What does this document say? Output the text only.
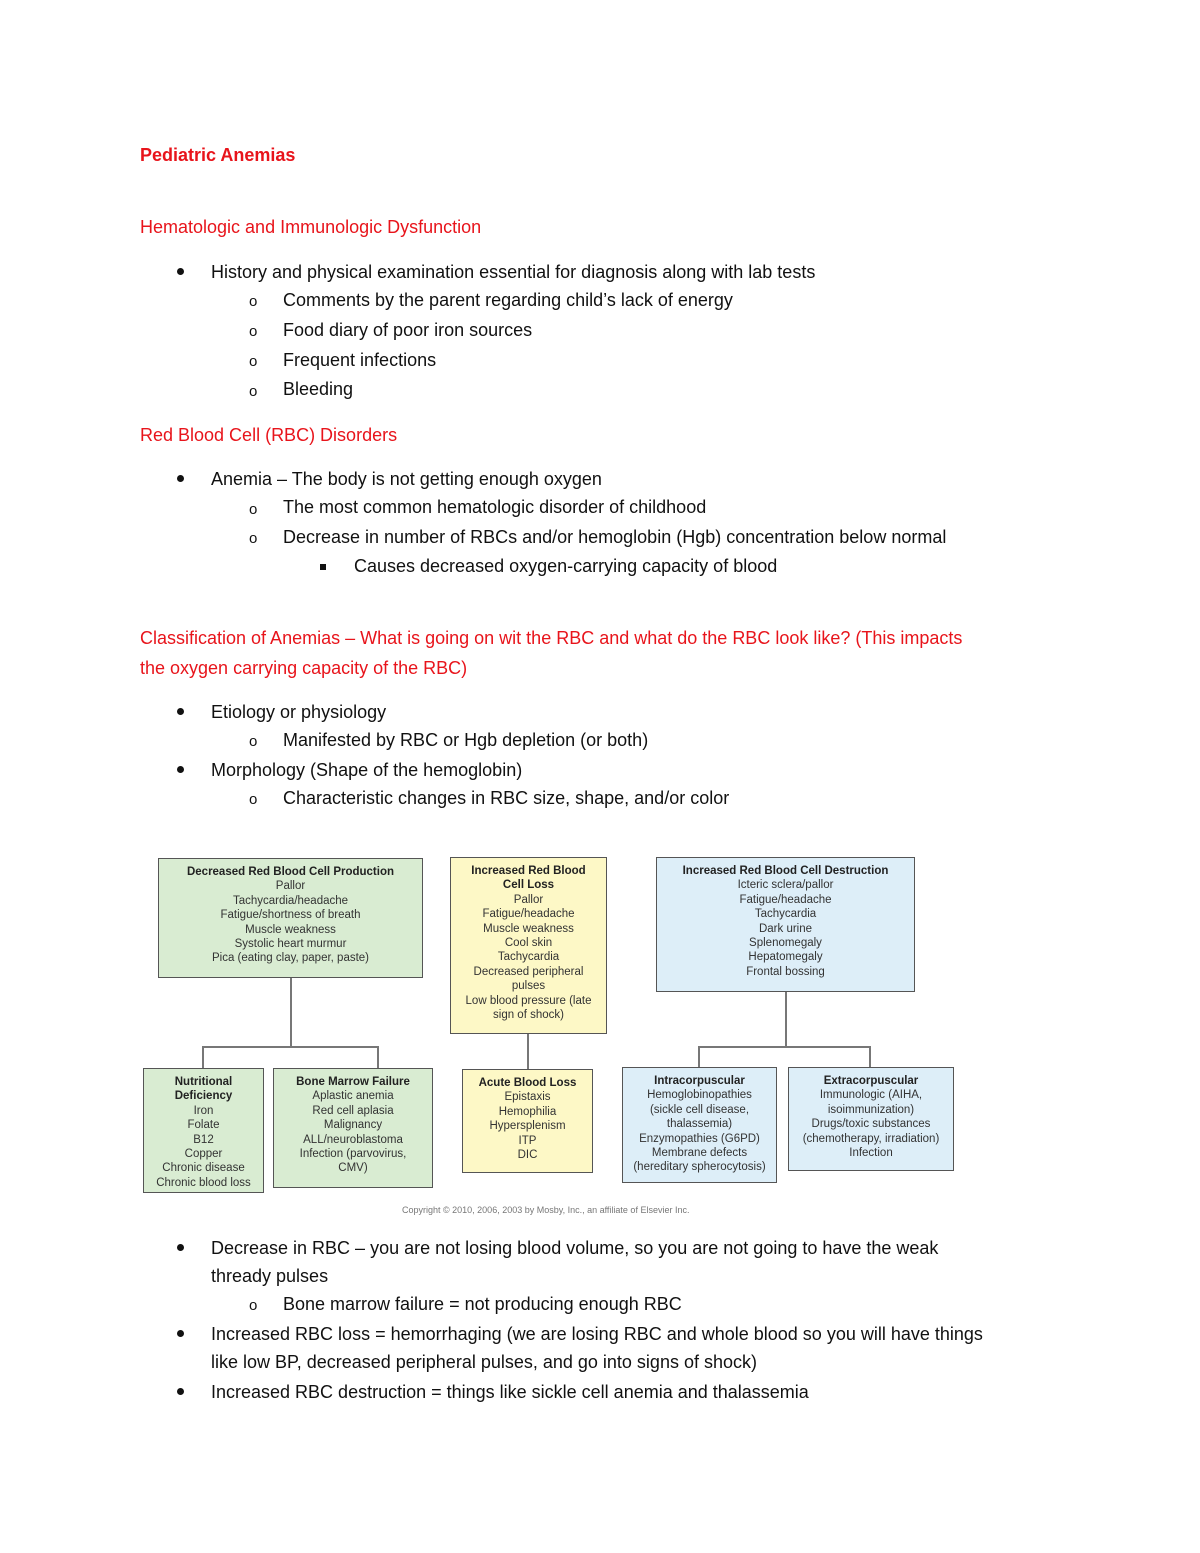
Pediatric Anemias
Hematologic and Immunologic Dysfunction
History and physical examination essential for diagnosis along with lab tests
o Comments by the parent regarding child’s lack of energy
o Food diary of poor iron sources
o Frequent infections
o Bleeding
Red Blood Cell (RBC) Disorders
Anemia – The body is not getting enough oxygen
o The most common hematologic disorder of childhood
o Decrease in number of RBCs and/or hemoglobin (Hgb) concentration below normal
Causes decreased oxygen-carrying capacity of blood
Classification of Anemias – What is going on wit the RBC and what do the RBC look like? (This impacts
the oxygen carrying capacity of the RBC)
Etiology or physiology
o Manifested by RBC or Hgb depletion (or both)
Morphology (Shape of the hemoglobin)
o Characteristic changes in RBC size, shape, and/or color
Decreased Red Blood Cell Production
Pallor
Tachycardia/headache
Fatigue/shortness of breath
Muscle weakness
Systolic heart murmur
Pica (eating clay, paper, paste)
Increased Red Blood
Cell Loss
Pallor
Fatigue/headache
Muscle weakness
Cool skin
Tachycardia
Decreased peripheral
pulses
Low blood pressure (late
sign of shock)
Increased Red Blood Cell Destruction
Icteric sclera/pallor
Fatigue/headache
Tachycardia
Dark urine
Splenomegaly
Hepatomegaly
Frontal bossing
Nutritional
Deficiency
Iron
Folate
B12
Copper
Chronic disease
Chronic blood loss
Bone Marrow Failure
Aplastic anemia
Red cell aplasia
Malignancy
ALL/neuroblastoma
Infection (parvovirus,
CMV)
Acute Blood Loss
Epistaxis
Hemophilia
Hypersplenism
ITP
DIC
Intracorpuscular
Hemoglobinopathies
(sickle cell disease,
thalassemia)
Enzymopathies (G6PD)
Membrane defects
(hereditary spherocytosis)
Extracorpuscular
Immunologic (AIHA,
isoimmunization)
Drugs/toxic substances
(chemotherapy, irradiation)
Infection
Copyright © 2010, 2006, 2003 by Mosby, Inc., an affiliate of Elsevier Inc.
Decrease in RBC – you are not losing blood volume, so you are not going to have the weak
thready pulses
o Bone marrow failure = not producing enough RBC
Increased RBC loss = hemorrhaging (we are losing RBC and whole blood so you will have things
like low BP, decreased peripheral pulses, and go into signs of shock)
Increased RBC destruction = things like sickle cell anemia and thalassemia
